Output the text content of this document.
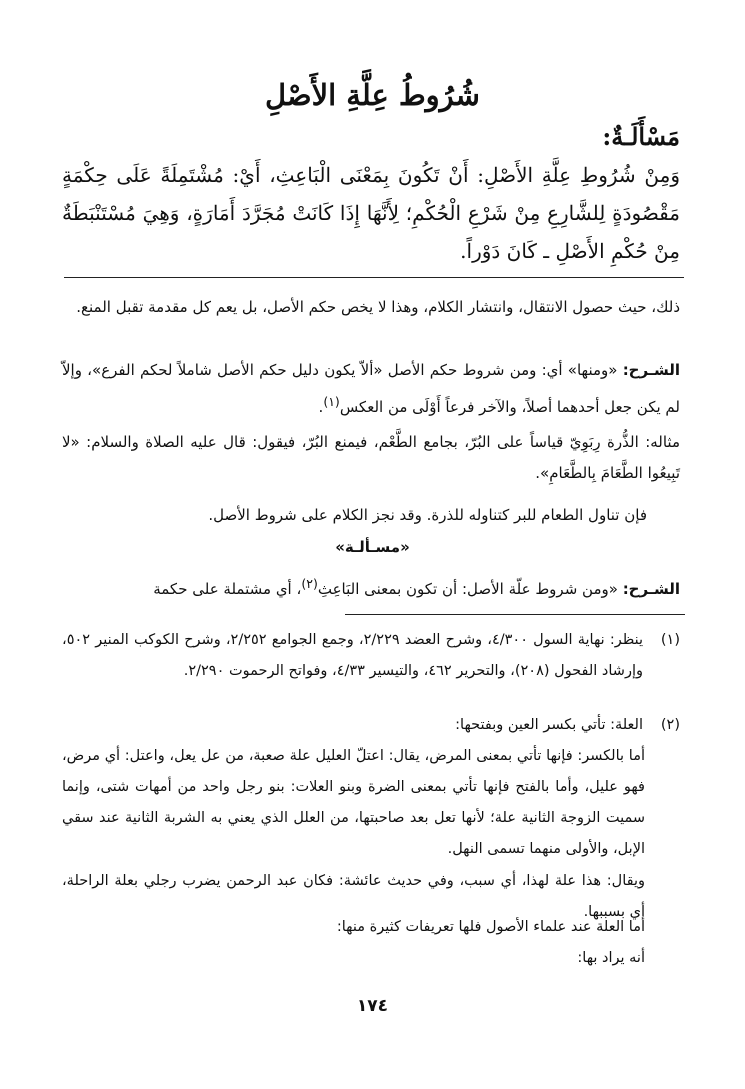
شُرُوطُ عِلَّةِ الأَصْلِ
مَسْأَلَـةٌ:
وَمِنْ شُرُوطِ عِلَّةِ الأَصْلِ: أَنْ تَكُونَ بِمَعْنَى الْبَاعِثِ، أَيْ: مُشْتَمِلَةً عَلَى حِكْمَةٍ مَقْصُودَةٍ لِلشَّارِعِ مِنْ شَرْعِ الْحُكْمِ؛ لِأَنَّهَا إِذَا كَانَتْ مُجَرَّدَ أَمَارَةٍ، وَهِيَ مُسْتَنْبَطَةٌ مِنْ حُكْمِ الأَصْلِ ـ كَانَ دَوْراً.
ذلك، حيث حصول الانتقال، وانتشار الكلام، وهذا لا يخص حكم الأصل، بل يعم كل مقدمة تقبل المنع.
الشـرح: «ومنها» أي: ومن شروط حكم الأصل «ألاّ يكون دليل حكم الأصل شاملاً لحكم الفرع»، وإلاّ لم يكن جعل أحدهما أصلاً، والآخر فرعاً أَوْلَى من العكس$^{(١)}$.
مثاله: الذُّرة رِبَوِيّ قياساً على البُرّ، بجامع الطَّعْم، فيمنع البُرّ، فيقول: قال عليه الصلاة والسلام: «لا تَبِيعُوا الطَّعَامَ بِالطَّعَامِ».
فإن تناول الطعام للبر كتناوله للذرة. وقد نجز الكلام على شروط الأصل.
«مسـألـة»
الشـرح: «ومن شروط علّة الأصل: أن تكون بمعنى البَاعِثِ$^{(٢)}$، أي مشتملة على حكمة
(١)
ينظر: نهاية السول ٤/٣٠٠، وشرح العضد ٢/٢٢٩، وجمع الجوامع ٢/٢٥٢، وشرح الكوكب المنير ٥٠٢، وإرشاد الفحول (٢٠٨)، والتحرير ٤٦٢، والتيسير ٤/٣٣، وفواتح الرحموت ٢/٢٩٠.
(٢)
العلة: تأتي بكسر العين وبفتحها:
أما بالكسر: فإنها تأتي بمعنى المرض، يقال: اعتلّ العليل علة صعبة، من عل يعل، واعتل: أي مرض، فهو عليل، وأما بالفتح فإنها تأتي بمعنى الضرة وبنو العلات: بنو رجل واحد من أمهات شتى، وإنما سميت الزوجة الثانية علة؛ لأنها تعل بعد صاحبتها، من العلل الذي يعني به الشربة الثانية عند سقي الإبل، والأولى منهما تسمى النهل.
ويقال: هذا علة لهذا، أي سبب، وفي حديث عائشة: فكان عبد الرحمن يضرب رجلي بعلة الراحلة، أي بسببها.
أما العلة عند علماء الأصول فلها تعريفات كثيرة منها:
أنه يراد بها:
١٧٤
